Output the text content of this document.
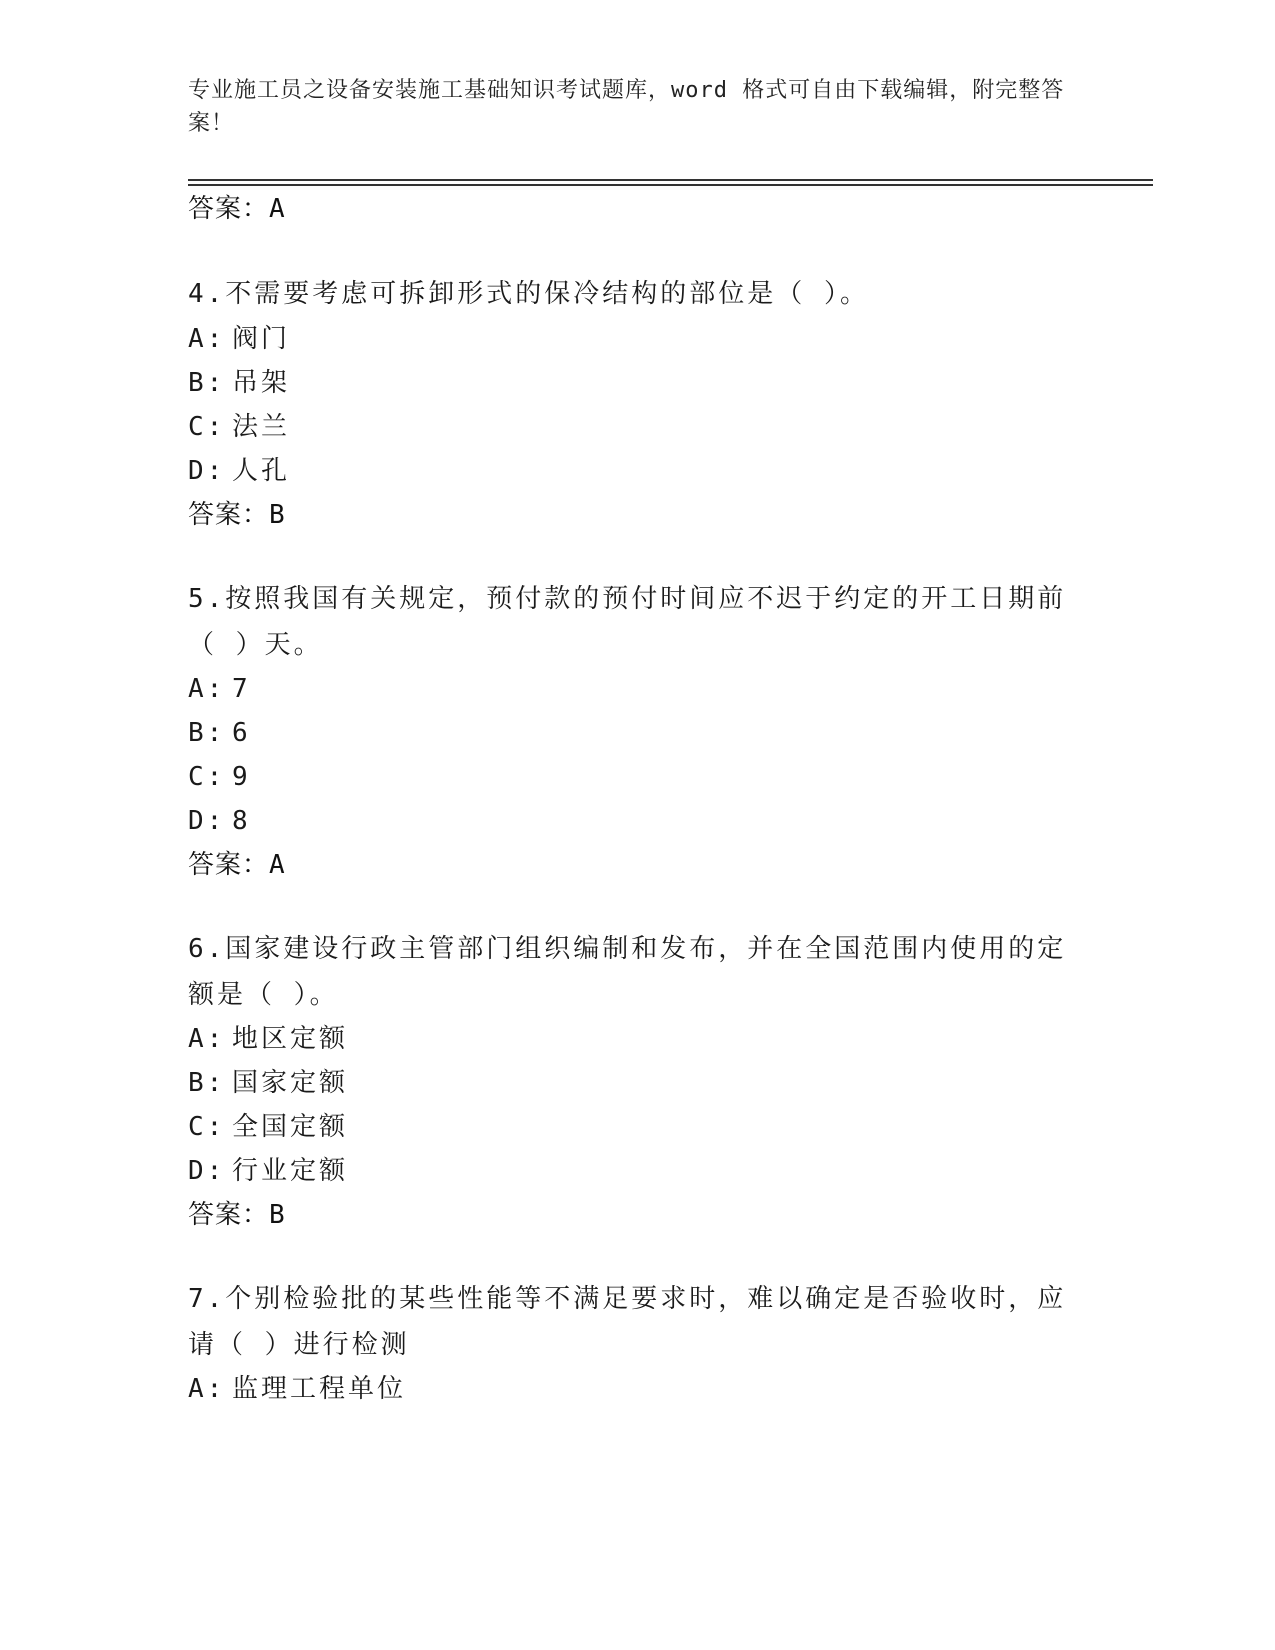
专业施工员之设备安装施工基础知识考试题库，word 格式可自由下载编辑，附完整答案！
答案：A
4.不需要考虑可拆卸形式的保冷结构的部位是（ ）。
A: 阀门
B: 吊架
C: 法兰
D: 人孔
答案：B
5.按照我国有关规定，预付款的预付时间应不迟于约定的开工日期前（ ）天。
A: 7
B: 6
C: 9
D: 8
答案：A
6.国家建设行政主管部门组织编制和发布，并在全国范围内使用的定额是（ ）。
A: 地区定额
B: 国家定额
C: 全国定额
D: 行业定额
答案：B
7.个别检验批的某些性能等不满足要求时，难以确定是否验收时，应请（ ）进行检测
A: 监理工程单位
